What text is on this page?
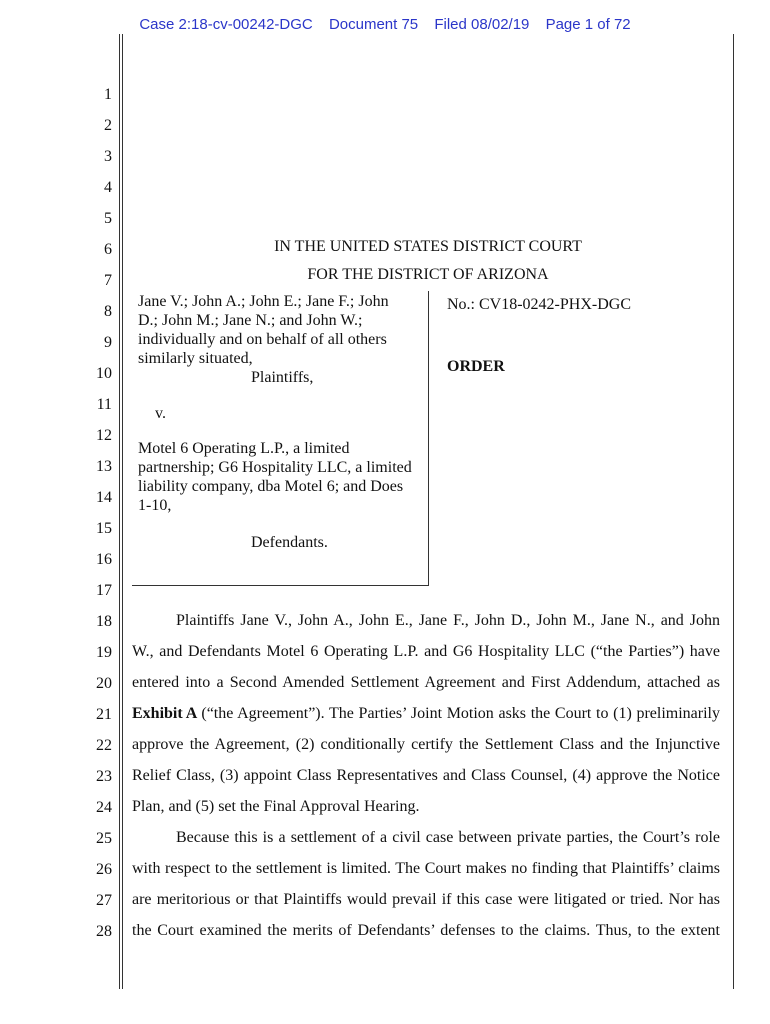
Case 2:18-cv-00242-DGC Document 75 Filed 08/02/19 Page 1 of 72
1
2
3
4
5
6
7
8
9
10
11
12
13
14
15
16
17
18
19
20
21
22
23
24
25
26
27
28
IN THE UNITED STATES DISTRICT COURT
FOR THE DISTRICT OF ARIZONA
Jane V.; John A.; John E.; Jane F.; John
D.; John M.; Jane N.; and John W.;
individually and on behalf of all others
similarly situated,
Plaintiffs,
v.
Motel 6 Operating L.P., a limited
partnership; G6 Hospitality LLC, a limited
liability company, dba Motel 6; and Does
1-10,
Defendants.
No.: CV18-0242-PHX-DGC
ORDER
Plaintiffs Jane V., John A., John E., Jane F., John D., John M., Jane N., and John
W., and Defendants Motel 6 Operating L.P. and G6 Hospitality LLC (“the Parties”) have
entered into a Second Amended Settlement Agreement and First Addendum, attached as
Exhibit A (“the Agreement”). The Parties’ Joint Motion asks the Court to (1) preliminarily
approve the Agreement, (2) conditionally certify the Settlement Class and the Injunctive
Relief Class, (3) appoint Class Representatives and Class Counsel, (4) approve the Notice
Plan, and (5) set the Final Approval Hearing.
Because this is a settlement of a civil case between private parties, the Court’s role
with respect to the settlement is limited. The Court makes no finding that Plaintiffs’ claims
are meritorious or that Plaintiffs would prevail if this case were litigated or tried. Nor has
the Court examined the merits of Defendants’ defenses to the claims. Thus, to the extent
